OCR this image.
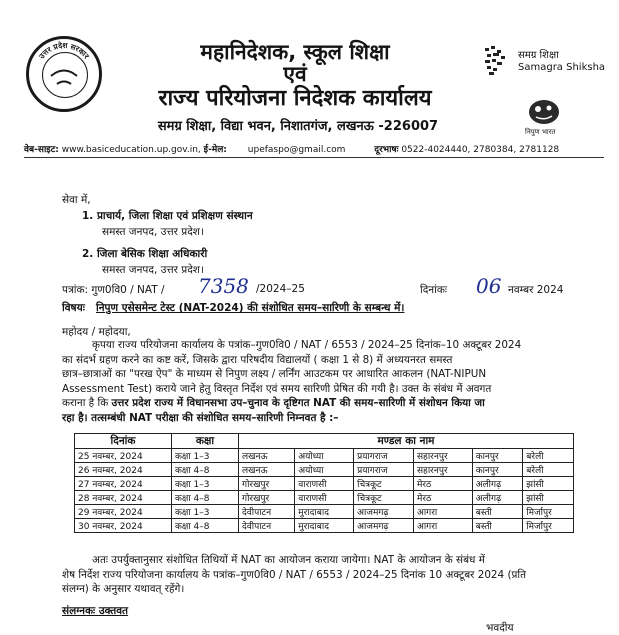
उत्तर प्रदेश सरकार	महानिदेशक, स्कूल शिक्षा
एवं
राज्य परियोजना निदेशक कार्यालय
समग्र शिक्षा, विद्या भवन, निशातगंज, लखनऊ -226007
समग्र शिक्षा
Samagra Shiksha
निपुण भारत
वेब-साइट: www.basiceducation.up.gov.in, ई-मेल: upefaspo@gmail.com	दूरभाषः 0522-4024440, 2780384, 2781128
सेवा में,
1. प्राचार्य, जिला शिक्षा एवं प्रशिक्षण संस्थान
समस्त जनपद, उत्तर प्रदेश।
2. जिला बेसिक शिक्षा अधिकारी
समस्त जनपद, उत्तर प्रदेश।
पत्रांक: गुण0वि0 / NAT / 7358 /2024–25	दिनांकः 06 नवम्बर 2024
विषयः निपुण एसेसमेन्ट टेस्ट (NAT-2024) की संशोधित समय–सारिणी के सम्बन्ध में।
महोदय / महोदया,
कृपया राज्य परियोजना कार्यालय के पत्रांक–गुण0वि0 / NAT / 6553 / 2024–25 दिनांक–10 अक्टूबर 2024
का संदर्भ ग्रहण करने का कष्ट करें, जिसके द्वारा परिषदीय विद्यालयों ( कक्षा 1 से 8) में अध्ययनरत समस्त
छात्र–छात्राओं का "परख ऐप" के माध्यम से निपुण लक्ष्य / लर्निंग आउटकम पर आधारित आकलन (NAT-NIPUN
Assessment Test) कराये जाने हेतु विस्तृत निर्देश एवं समय सारिणी प्रेषित की गयी है। उक्त के संबंध में अवगत
कराना है कि उत्तर प्रदेश राज्य में विधानसभा उप–चुनाव के दृष्टिगत NAT की समय–सारिणी में संशोधन किया जा
रहा है। तत्सम्बंधी NAT परीक्षा की संशोधित समय–सारिणी निम्नवत है :–
दिनांक	कक्षा	मण्डल का नाम					
25 नवम्बर, 2024	कक्षा 1–3	लखनऊ	अयोध्या	प्रयागराज	सहारनपुर	कानपुर	बरेली
26 नवम्बर, 2024	कक्षा 4–8	लखनऊ	अयोध्या	प्रयागराज	सहारनपुर	कानपुर	बरेली
27 नवम्बर, 2024	कक्षा 1–3	गोरखपुर	वाराणसी	चित्रकूट	मेरठ	अलीगढ़	झांसी
28 नवम्बर, 2024	कक्षा 4–8	गोरखपुर	वाराणसी	चित्रकूट	मेरठ	अलीगढ़	झांसी
29 नवम्बर, 2024	कक्षा 1–3	देवीपाटन	मुरादाबाद	आजमगढ़	आगरा	बस्ती	मिर्जापुर
30 नवम्बर, 2024	कक्षा 4–8	देवीपाटन	मुरादाबाद	आजमगढ़	आगरा	बस्ती	मिर्जापुर
अतः उपर्युक्तानुसार संशोधित तिथियों में NAT का आयोजन कराया जायेगा। NAT के आयोजन के संबंध में
शेष निर्देश राज्य परियोजना कार्यालय के पत्रांक–गुण0वि0 / NAT / 6553 / 2024–25 दिनांक 10 अक्टूबर 2024 (प्रति
संलग्न) के अनुसार यथावत् रहेंगे।
संलग्नकः उक्तवत
भवदीय
